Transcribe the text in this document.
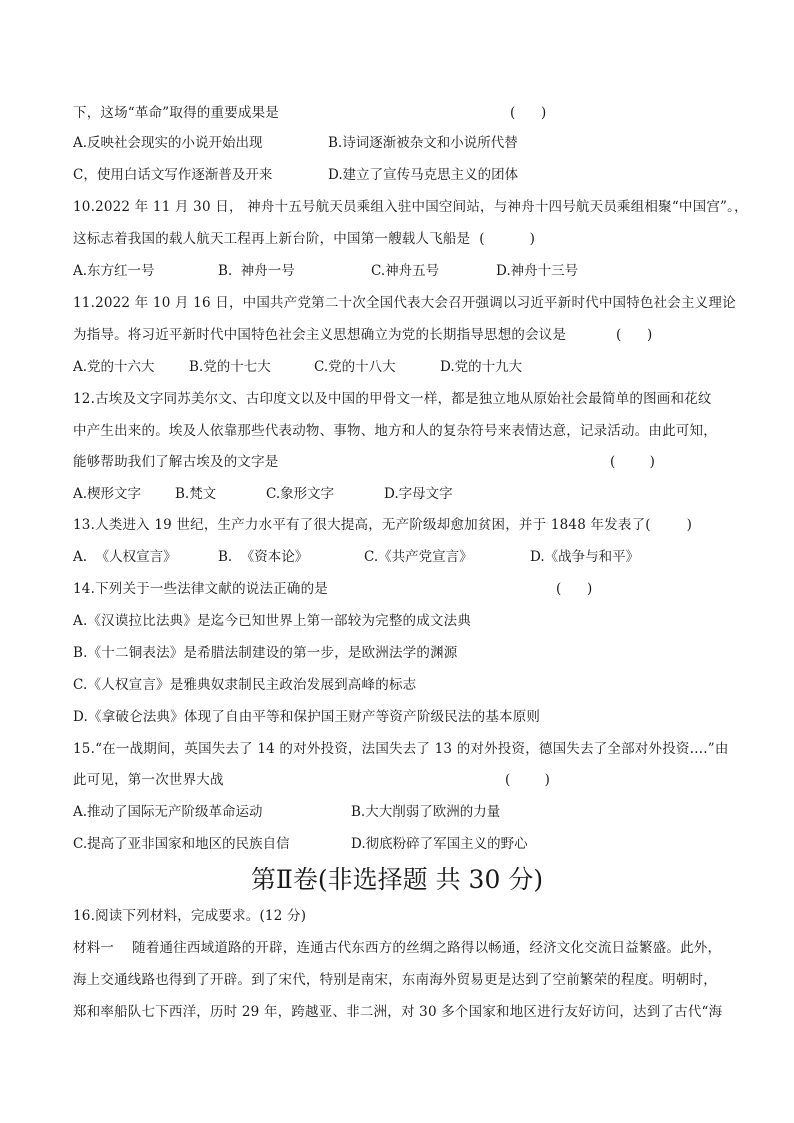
下，这场“革命”取得的重要成果是	(      )
A.反映社会现实的小说开始出现	B.诗词逐渐被杂文和小说所代替
C，使用白话文写作逐渐普及开来	D.建立了宣传马克思主义的团体
10.2022 年 11 月 30 日， 神舟十五号航天员乘组入驻中国空间站，与神舟十四号航天员乘组相聚“中国宫”。，
这标志着我国的载人航天工程再上新台阶，中国第一艘载人飞船是  (          )
A.东方红一号	B.  神舟一号	C.神舟五号	D.神舟十三号
11.2022 年 10 月 16 日，中国共产党第二十次全国代表大会召开强调以习近平新时代中国特色社会主义理论
为指导。将习近平新时代中国特色社会主义思想确立为党的长期指导思想的会议是	(      )
A.党的十六大	B.党的十七大	C.党的十八大	D.党的十九大
12.古埃及文字同苏美尔文、古印度文以及中国的甲骨文一样，都是独立地从原始社会最简单的图画和花纹
中产生出来的。埃及人依靠那些代表动物、事物、地方和人的复杂符号来表情达意，记录活动。由此可知，
能够帮助我们了解古埃及的文字是	(        )
A.楔形文字	B.梵文	C.象形文字	D.字母文字
13.人类进入 19 世纪，生产力水平有了很大提高，无产阶级却愈加贫困，并于 1848 年发表了(        )
A.  《人权宣言》	B.  《资本论》	C.《共产党宣言》	D.《战争与和平》
14.下列关于一些法律文献的说法正确的是	(      )
A.《汉谟拉比法典》是迄今已知世界上第一部较为完整的成文法典
B.《十二铜表法》是希腊法制建设的第一步，是欧洲法学的渊源
C.《人权宣言》是雅典奴隶制民主政治发展到高峰的标志
D.《拿破仑法典》体现了自由平等和保护国王财产等资产阶级民法的基本原则
15.“在一战期间，英国失去了 14 的对外投资，法国失去了 13 的对外投资，德国失去了全部对外投资….”由
此可见，第一次世界大战	(        )
A.推动了国际无产阶级革命运动	B.大大削弱了欧洲的力量
C.提高了亚非国家和地区的民族自信	D.彻底粉碎了军国主义的野心
第Ⅱ卷(非选择题 共 30 分)
16.阅读下列材料，完成要求。(12 分)
材料一    随着通往西域道路的开辟，连通古代东西方的丝绸之路得以畅通，经济文化交流日益繁盛。此外，
海上交通线路也得到了开辟。到了宋代，特别是南宋，东南海外贸易更是达到了空前繁荣的程度。明朝时，
郑和率船队七下西洋，历时 29 年，跨越亚、非二洲，对 30 多个国家和地区进行友好访问，达到了古代“海
